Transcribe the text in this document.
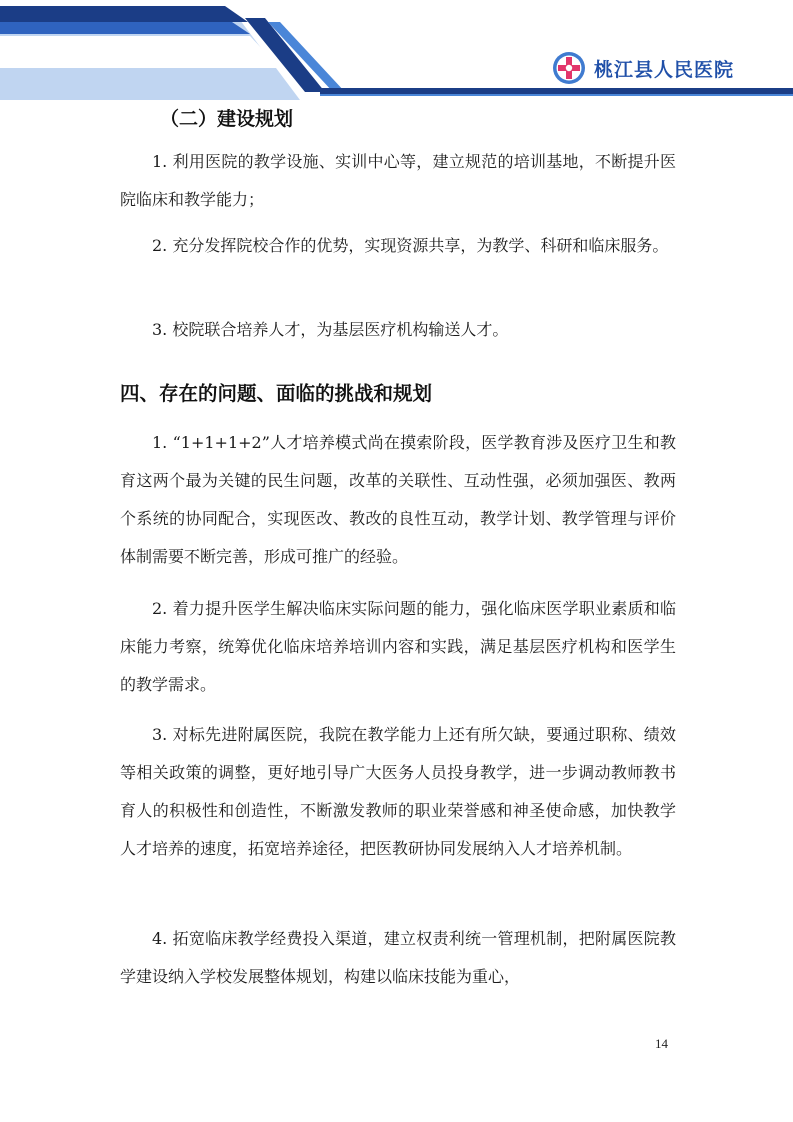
桃江县人民医院
（二）建设规划

1. 利用医院的教学设施、实训中心等，建立规范的培训基地，不断提升医院临床和教学能力；

2. 充分发挥院校合作的优势，实现资源共享，为教学、科研和临床服务。

3. 校院联合培养人才，为基层医疗机构输送人才。

四、存在的问题、面临的挑战和规划

1. “1+1+1+2”人才培养模式尚在摸索阶段，医学教育涉及医疗卫生和教育这两个最为关键的民生问题，改革的关联性、互动性强，必须加强医、教两个系统的协同配合，实现医改、教改的良性互动，教学计划、教学管理与评价体制需要不断完善，形成可推广的经验。

2. 着力提升医学生解决临床实际问题的能力，强化临床医学职业素质和临床能力考察，统筹优化临床培养培训内容和实践，满足基层医疗机构和医学生的教学需求。

3. 对标先进附属医院，我院在教学能力上还有所欠缺，要通过职称、绩效等相关政策的调整，更好地引导广大医务人员投身教学，进一步调动教师教书育人的积极性和创造性，不断激发教师的职业荣誉感和神圣使命感，加快教学人才培养的速度，拓宽培养途径，把医教研协同发展纳入人才培养机制。

4. 拓宽临床教学经费投入渠道，建立权责利统一管理机制，把附属医院教学建设纳入学校发展整体规划，构建以临床技能为重心，

14
